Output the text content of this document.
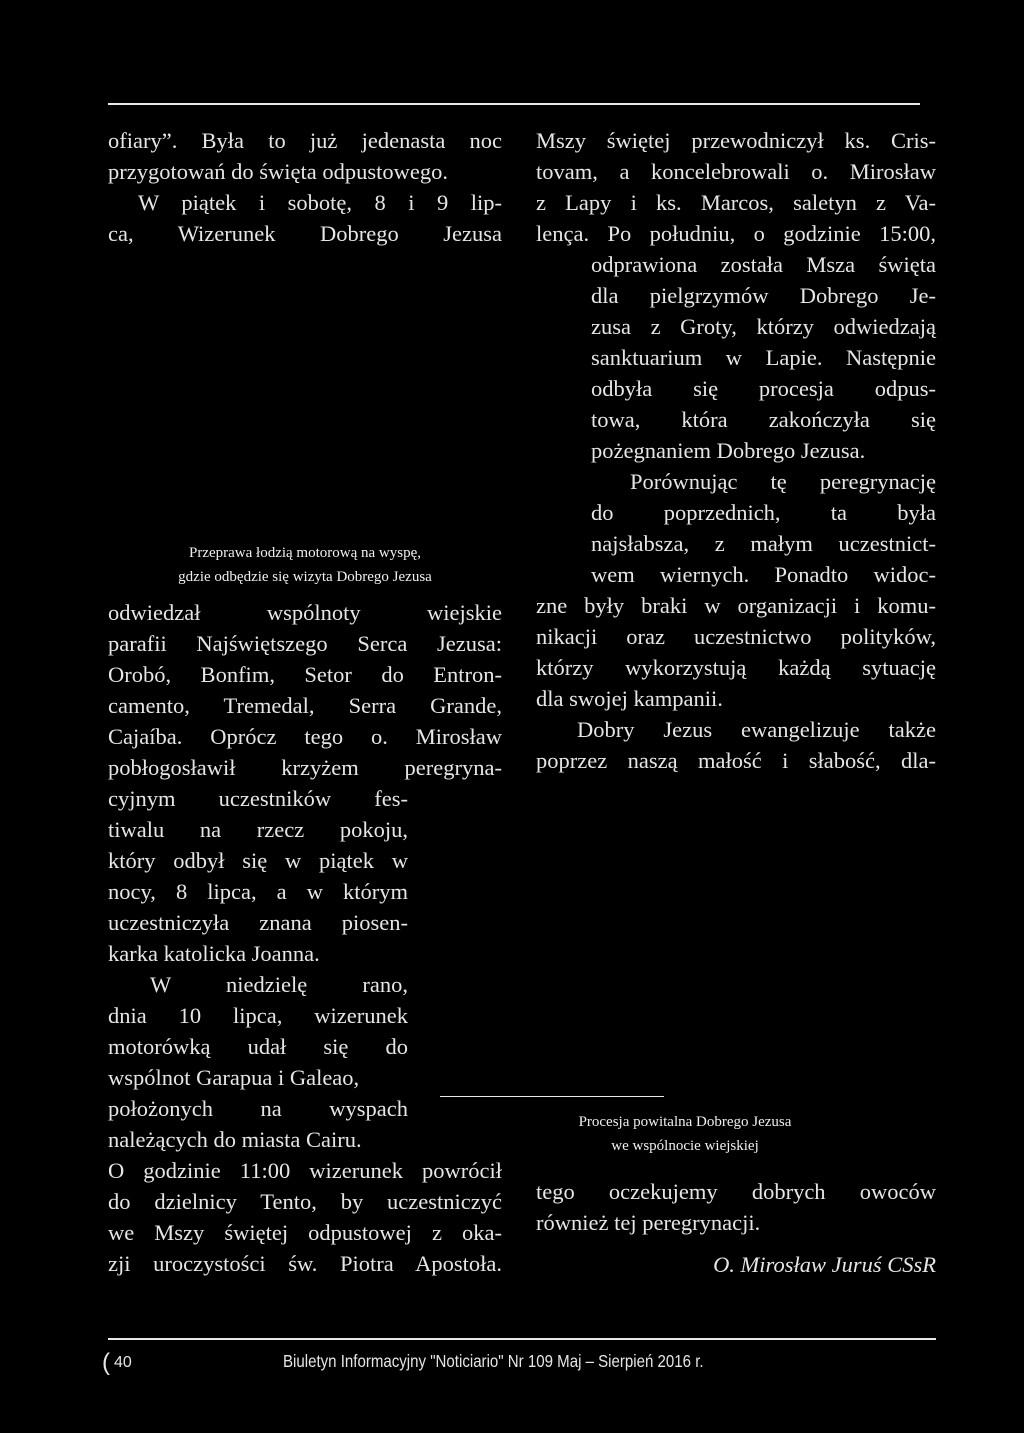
ofiary”. Była to już jedenasta noc
przygotowań do święta odpustowego.
W piątek i sobotę, 8 i 9 lip-
ca, Wizerunek Dobrego Jezusa
Przeprawa łodzią motorową na wyspę,
gdzie odbędzie się wizyta Dobrego Jezusa
odwiedzał wspólnoty wiejskie
parafii Najświętszego Serca Jezusa:
Orobó, Bonfim, Setor do Entron-
camento, Tremedal, Serra Grande,
Cajaíba. Oprócz tego o. Mirosław
pobłogosławił krzyżem peregryna-
cyjnym uczestników fes-
tiwalu na rzecz pokoju,
który odbył się w piątek w
nocy, 8 lipca, a w którym
uczestniczyła znana piosen-
karka katolicka Joanna.
W niedzielę rano,
dnia 10 lipca, wizerunek
motorówką udał się do
wspólnot Garapua i Galeao,
położonych na wyspach
należących do miasta Cairu.
O godzinie 11:00 wizerunek powrócił
do dzielnicy Tento, by uczestniczyć
we Mszy świętej odpustowej z oka-
zji uroczystości św. Piotra Apostoła.
Mszy świętej przewodniczył ks. Cris-
tovam, a koncelebrowali o. Mirosław
z Lapy i ks. Marcos, saletyn z Va-
lença. Po południu, o godzinie 15:00,
odprawiona została Msza święta
dla pielgrzymów Dobrego Je-
zusa z Groty, którzy odwiedzają
sanktuarium w Lapie. Następnie
odbyła się procesja odpus-
towa, która zakończyła się
pożegnaniem Dobrego Jezusa.
Porównując tę peregrynację
do poprzednich, ta była
najsłabsza, z małym uczestnict-
wem wiernych. Ponadto widoc-
zne były braki w organizacji i komu-
nikacji oraz uczestnictwo polityków,
którzy wykorzystują każdą sytuację
dla swojej kampanii.
Dobry Jezus ewangelizuje także
poprzez naszą małość i słabość, dla-
Procesja powitalna Dobrego Jezusa
we wspólnocie wiejskiej
tego oczekujemy dobrych owoców
również tej peregrynacji.
O. Mirosław Juruś CSsR
( 40	Biuletyn Informacyjny "Noticiario" Nr 109 Maj – Sierpień 2016 r.
